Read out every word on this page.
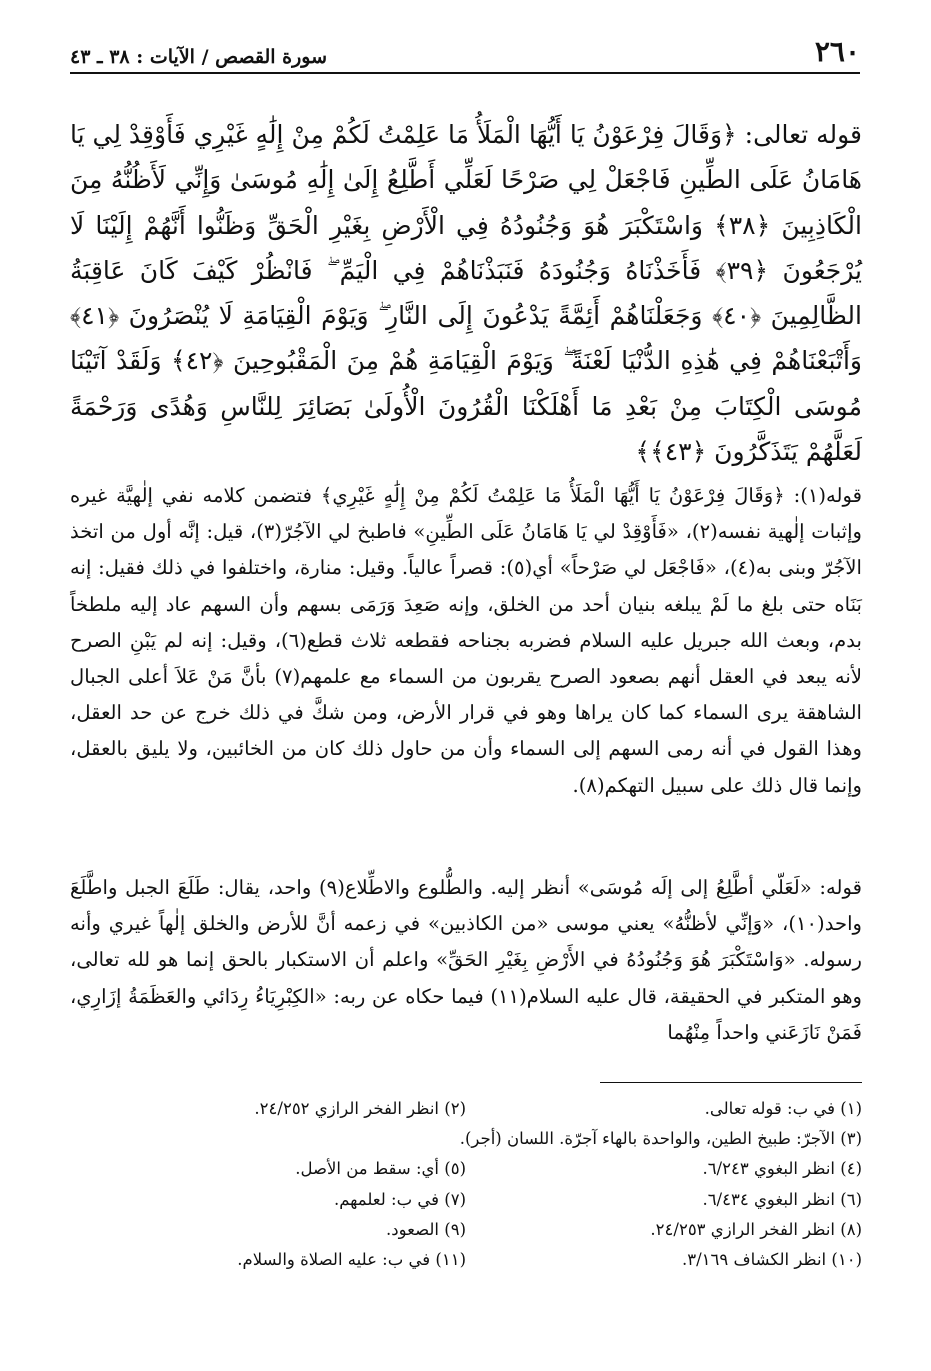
٢٦٠
سورة القصص / الآيات : ٣٨ ـ ٤٣
قوله تعالى: ﴿وَقَالَ فِرْعَوْنُ يَا أَيُّهَا الْمَلَأُ مَا عَلِمْتُ لَكُمْ مِنْ إِلَٰهٍ غَيْرِي فَأَوْقِدْ لِي يَا هَامَانُ عَلَى الطِّينِ فَاجْعَلْ لِي صَرْحًا لَعَلِّي أَطَّلِعُ إِلَىٰ إِلَٰهِ مُوسَىٰ وَإِنِّي لَأَظُنُّهُ مِنَ الْكَاذِبِينَ ﴿٣٨﴾ وَاسْتَكْبَرَ هُوَ وَجُنُودُهُ فِي الْأَرْضِ بِغَيْرِ الْحَقِّ وَظَنُّوا أَنَّهُمْ إِلَيْنَا لَا يُرْجَعُونَ ﴿٣٩﴾ فَأَخَذْنَاهُ وَجُنُودَهُ فَنَبَذْنَاهُمْ فِي الْيَمِّ ۖ فَانْظُرْ كَيْفَ كَانَ عَاقِبَةُ الظَّالِمِينَ ﴿٤٠﴾ وَجَعَلْنَاهُمْ أَئِمَّةً يَدْعُونَ إِلَى النَّارِ ۖ وَيَوْمَ الْقِيَامَةِ لَا يُنْصَرُونَ ﴿٤١﴾ وَأَتْبَعْنَاهُمْ فِي هَٰذِهِ الدُّنْيَا لَعْنَةً ۖ وَيَوْمَ الْقِيَامَةِ هُمْ مِنَ الْمَقْبُوحِينَ ﴿٤٢﴾ وَلَقَدْ آتَيْنَا مُوسَى الْكِتَابَ مِنْ بَعْدِ مَا أَهْلَكْنَا الْقُرُونَ الْأُولَىٰ بَصَائِرَ لِلنَّاسِ وَهُدًى وَرَحْمَةً لَعَلَّهُمْ يَتَذَكَّرُونَ ﴿٤٣﴾﴾
قوله(١): ﴿وَقَالَ فِرْعَوْنُ يَا أَيُّهَا الْمَلَأُ مَا عَلِمْتُ لَكُمْ مِنْ إِلَٰهٍ غَيْرِي﴾ فتضمن كلامه نفي إلٰهيَّة غيره وإثبات إلٰهية نفسه(٢)، «فَأَوْقِدْ لي يَا هَامَانُ عَلَى الطِّينِ» فاطبخ لي الآجُرّ(٣)، قيل: إنَّه أول من اتخذ الآجُرّ وبنى به(٤)، «فَاجْعَل لي صَرْحاً» أي(٥): قصراً عالياً. وقيل: منارة، واختلفوا في ذلك فقيل: إنه بَنَاه حتى بلغ ما لَمْ يبلغه بنيان أحد من الخلق، وإنه صَعِدَ وَرَمَى بسهم وأن السهم عاد إليه ملطخاً بدم، وبعث الله جبريل عليه السلام فضربه بجناحه فقطعه ثلاث قطع(٦)، وقيل: إنه لم يَبْنِ الصرح لأنه يبعد في العقل أنهم بصعود الصرح يقربون من السماء مع علمهم(٧) بأنَّ مَنْ عَلاَ أعلى الجبال الشاهقة يرى السماء كما كان يراها وهو في قرار الأرض، ومن شكَّ في ذلك خرج عن حد العقل، وهذا القول في أنه رمى السهم إلى السماء وأن من حاول ذلك كان من الخائبين، ولا يليق بالعقل، وإنما قال ذلك على سبيل التهكم(٨).
قوله: «لَعَلّي أطَّلِعُ إلى إلَه مُوسَى» أنظر إليه. والطُّلوع والاطِّلاع(٩) واحد، يقال: طَلَعَ الجبل واطَّلَعَ واحد(١٠)، «وَإنِّي لأظنُّهُ» يعني موسى «من الكاذبين» في زعمه أنَّ للأرض والخلق إلٰهاً غيري وأنه رسوله. «وَاسْتَكْبَرَ هُوَ وَجُنُودُهُ في الأَرْضِ بِغَيْرِ الحَقِّ» واعلم أن الاستكبار بالحق إنما هو لله تعالى، وهو المتكبر في الحقيقة، قال عليه السلام(١١) فيما حكاه عن ربه: «الكِبْرِيَاءُ رِدَائي والعَظَمَةُ إزَارِي، فَمَنْ نَازَعَني واحداً مِنْهُما
(١) في ب: قوله تعالى.
(٢) انظر الفخر الرازي ٢٤/٢٥٢.
(٣) الآجرّ: طبيخ الطين، والواحدة بالهاء آجرّة. اللسان (أجر).
(٤) انظر البغوي ٦/٢٤٣.
(٥) أي: سقط من الأصل.
(٦) انظر البغوي ٦/٤٣٤.
(٧) في ب: لعلمهم.
(٨) انظر الفخر الرازي ٢٤/٢٥٣.
(٩) الصعود.
(١٠) انظر الكشاف ٣/١٦٩.
(١١) في ب: عليه الصلاة والسلام.
